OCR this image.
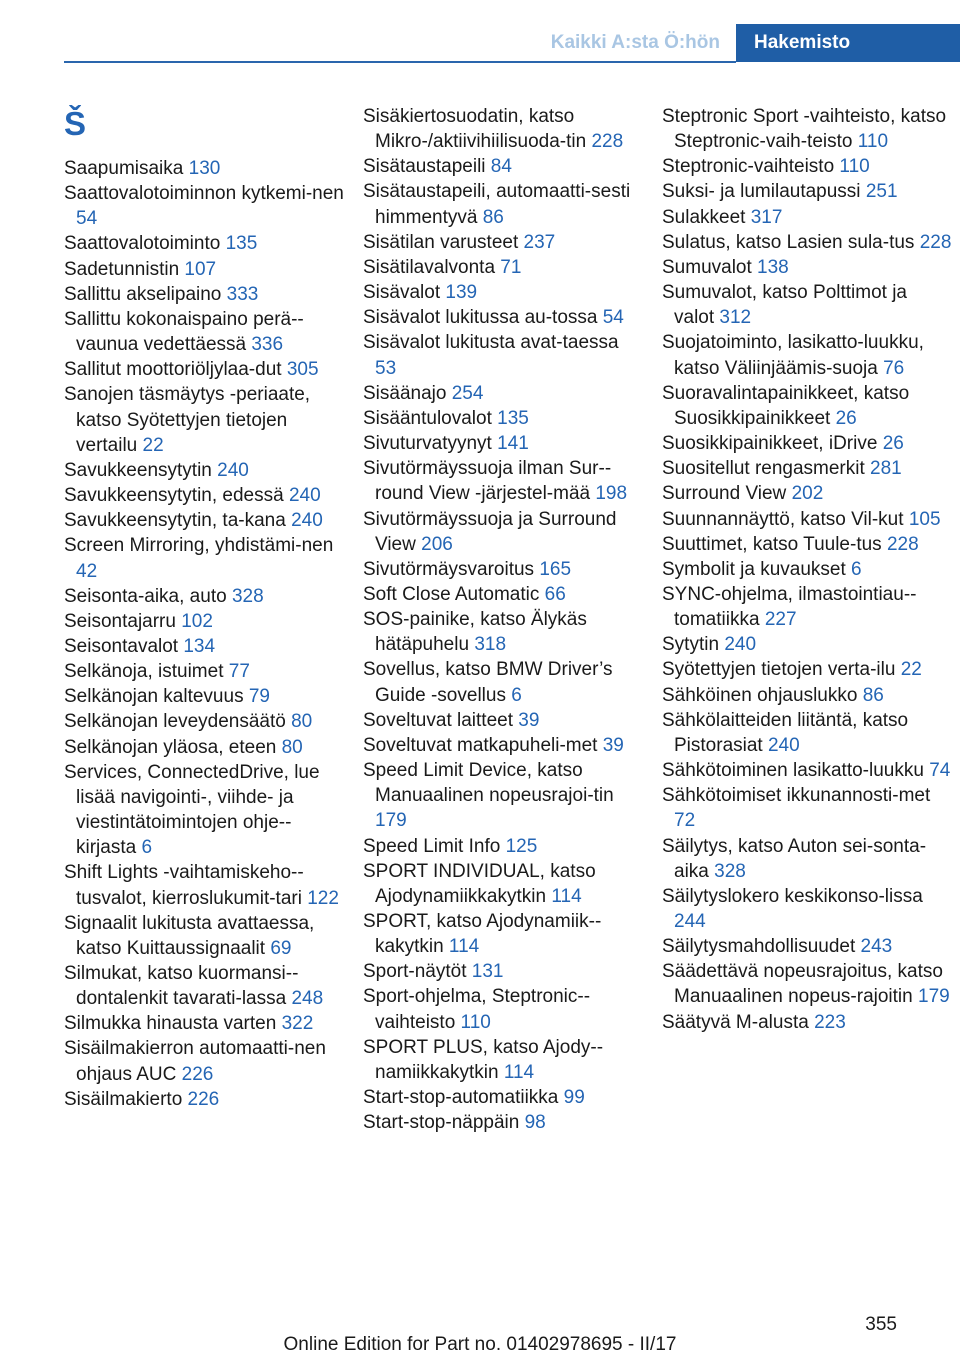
Kaikki A:sta Ö:hön	Hakemisto
Š
Saapumisaika 130
Saattovalotoiminnon kytkemi-nen 54
Saattovalotoiminto 135
Sadetunnistin 107
Sallittu akselipaino 333
Sallittu kokonaispaino perä-vaunua vedettäessä 336
Sallitut moottoriöljylaa-dut 305
Sanojen täsmäytys -periaate, katso Syötettyjen tietojen vertailu 22
Savukkeensytytin 240
Savukkeensytytin, edessä 240
Savukkeensytytin, ta-kana 240
Screen Mirroring, yhdistämi-nen 42
Seisonta-aika, auto 328
Seisontajarru 102
Seisontavalot 134
Selkänoja, istuimet 77
Selkänojan kaltevuus 79
Selkänojan leveydensäätö 80
Selkänojan yläosa, eteen 80
Services, ConnectedDrive, lue lisää navigointi-, viihde- ja viestintätoimintojen ohje-kirjasta 6
Shift Lights -vaihtamiskeho-tusvalot, kierroslukumit-tari 122
Signaalit lukitusta avattaessa, katso Kuittaussignaalit 69
Silmukat, katso kuormansi-dontalenkit tavarati-lassa 248
Silmukka hinausta varten 322
Sisäilmakierron automaatti-nen ohjaus AUC 226
Sisäilmakierto 226
Sisäkiertosuodatin, katso Mikro-/aktiivihiilisuoda-tin 228
Sisätaustapeili 84
Sisätaustapeili, automaatti-sesti himmentyvä 86
Sisätilan varusteet 237
Sisätilavalvonta 71
Sisävalot 139
Sisävalot lukitussa au-tossa 54
Sisävalot lukitusta avat-taessa 53
Sisäänajo 254
Sisääntulovalot 135
Sivuturvatyynyt 141
Sivutörmäyssuoja ilman Sur-round View -järjestel-mää 198
Sivutörmäyssuoja ja Surround View 206
Sivutörmäysvaroitus 165
Soft Close Automatic 66
SOS-painike, katso Älykäs hätäpuhelu 318
Sovellus, katso BMW Driver’s Guide -sovellus 6
Soveltuvat laitteet 39
Soveltuvat matkapuheli-met 39
Speed Limit Device, katso Manuaalinen nopeusrajoi-tin 179
Speed Limit Info 125
SPORT INDIVIDUAL, katso Ajodynamiikkakytkin 114
SPORT, katso Ajodynamiik-kakytkin 114
Sport-näytöt 131
Sport-ohjelma, Steptronic-vaihteisto 110
SPORT PLUS, katso Ajody-namiikkakytkin 114
Start-stop-automatiikka 99
Start-stop-näppäin 98
Steptronic Sport -vaihteisto, katso Steptronic-vaih-teisto 110
Steptronic-vaihteisto 110
Suksi- ja lumilautapussi 251
Sulakkeet 317
Sulatus, katso Lasien sula-tus 228
Sumuvalot 138
Sumuvalot, katso Polttimot ja valot 312
Suojatoiminto, lasikatto-luukku, katso Väliinjäämis-suoja 76
Suoravalintapainikkeet, katso Suosikkipainikkeet 26
Suosikkipainikkeet, iDrive 26
Suositellut rengasmerkit 281
Surround View 202
Suunnannäyttö, katso Vil-kut 105
Suuttimet, katso Tuule-tus 228
Symbolit ja kuvaukset 6
SYNC-ohjelma, ilmastointiau-tomatiikka 227
Sytytin 240
Syötettyjen tietojen verta-ilu 22
Sähköinen ohjauslukko 86
Sähkölaitteiden liitäntä, katso Pistorasiat 240
Sähkötoiminen lasikatto-luukku 74
Sähkötoimiset ikkunannosti-met 72
Säilytys, katso Auton sei-sonta-aika 328
Säilytyslokero keskikonso-lissa 244
Säilytysmahdollisuudet 243
Säädettävä nopeusrajoitus, katso Manuaalinen nopeus-rajoitin 179
Säätyvä M-alusta 223
355
Online Edition for Part no. 01402978695 - II/17
